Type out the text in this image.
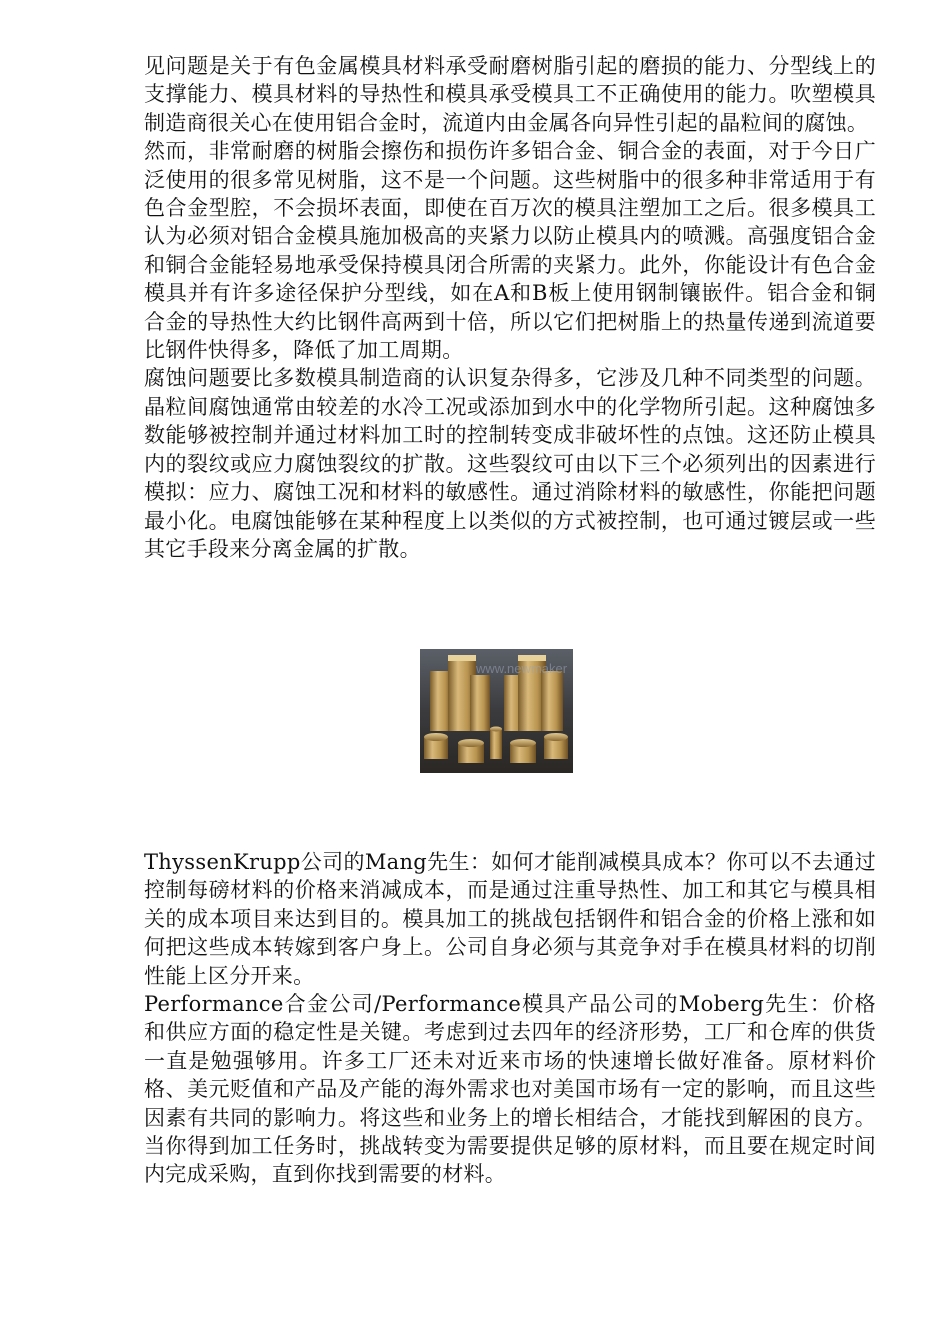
见问题是关于有色金属模具材料承受耐磨树脂引起的磨损的能力、分型线上的支撑能力、模具材料的导热性和模具承受模具工不正确使用的能力。吹塑模具制造商很关心在使用铝合金时，流道内由金属各向异性引起的晶粒间的腐蚀。

然而，非常耐磨的树脂会擦伤和损伤许多铝合金、铜合金的表面，对于今日广泛使用的很多常见树脂，这不是一个问题。这些树脂中的很多种非常适用于有色合金型腔，不会损坏表面，即使在百万次的模具注塑加工之后。很多模具工认为必须对铝合金模具施加极高的夹紧力以防止模具内的喷溅。高强度铝合金和铜合金能轻易地承受保持模具闭合所需的夹紧力。此外，你能设计有色合金模具并有许多途径保护分型线，如在A和B板上使用钢制镶嵌件。铝合金和铜合金的导热性大约比钢件高两到十倍，所以它们把树脂上的热量传递到流道要比钢件快得多，降低了加工周期。

腐蚀问题要比多数模具制造商的认识复杂得多，它涉及几种不同类型的问题。晶粒间腐蚀通常由较差的水冷工况或添加到水中的化学物所引起。这种腐蚀多数能够被控制并通过材料加工时的控制转变成非破坏性的点蚀。这还防止模具内的裂纹或应力腐蚀裂纹的扩散。这些裂纹可由以下三个必须列出的因素进行模拟：应力、腐蚀工况和材料的敏感性。通过消除材料的敏感性，你能把问题最小化。电腐蚀能够在某种程度上以类似的方式被控制，也可通过镀层或一些其它手段来分离金属的扩散。

www.newmaker

ThyssenKrupp公司的Mang先生：如何才能削减模具成本？你可以不去通过控制每磅材料的价格来消减成本，而是通过注重导热性、加工和其它与模具相关的成本项目来达到目的。模具加工的挑战包括钢件和铝合金的价格上涨和如何把这些成本转嫁到客户身上。公司自身必须与其竞争对手在模具材料的切削性能上区分开来。

Performance合金公司/Performance模具产品公司的Moberg先生：价格和供应方面的稳定性是关键。考虑到过去四年的经济形势，工厂和仓库的供货一直是勉强够用。许多工厂还未对近来市场的快速增长做好准备。原材料价格、美元贬值和产品及产能的海外需求也对美国市场有一定的影响，而且这些因素有共同的影响力。将这些和业务上的增长相结合，才能找到解困的良方。当你得到加工任务时，挑战转变为需要提供足够的原材料，而且要在规定时间内完成采购，直到你找到需要的材料。
